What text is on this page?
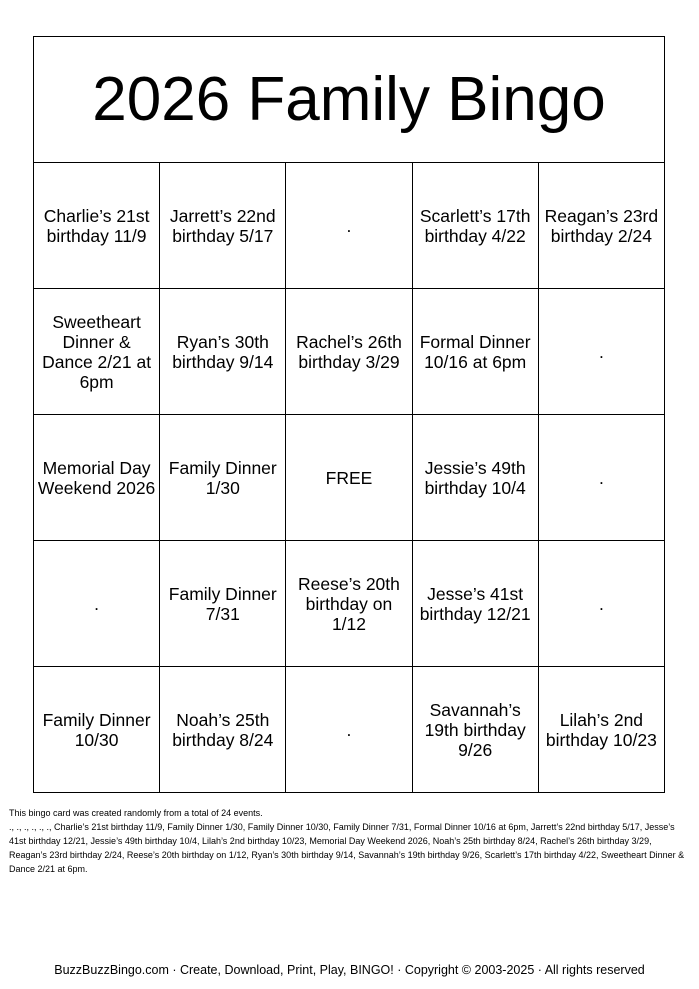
2026 Family Bingo				
Charlie’s 21st birthday 11/9	Jarrett’s 22nd birthday 5/17	.	Scarlett’s 17th birthday 4/22	Reagan’s 23rd birthday 2/24
Sweetheart Dinner & Dance 2/21 at 6pm	Ryan’s 30th birthday 9/14	Rachel’s 26th birthday 3/29	Formal Dinner 10/16 at 6pm	.
Memorial Day Weekend 2026	Family Dinner 1/30	FREE	Jessie’s 49th birthday 10/4	.
.	Family Dinner 7/31	Reese’s 20th birthday on 1/12	Jesse’s 41st birthday 12/21	.
Family Dinner 10/30	Noah’s 25th birthday 8/24	.	Savannah’s 19th birthday 9/26	Lilah’s 2nd birthday 10/23

This bingo card was created randomly from a total of 24 events.

., ., ., ., ., ., Charlie’s 21st birthday 11/9, Family Dinner 1/30, Family Dinner 10/30, Family Dinner 7/31, Formal Dinner 10/16 at 6pm, Jarrett’s 22nd birthday 5/17, Jesse’s 41st birthday 12/21, Jessie’s 49th birthday 10/4, Lilah’s 2nd birthday 10/23, Memorial Day Weekend 2026, Noah’s 25th birthday 8/24, Rachel’s 26th birthday 3/29, Reagan’s 23rd birthday 2/24, Reese’s 20th birthday on 1/12, Ryan’s 30th birthday 9/14, Savannah’s 19th birthday 9/26, Scarlett’s 17th birthday 4/22, Sweetheart Dinner & Dance 2/21 at 6pm.

BuzzBuzzBingo.com · Create, Download, Print, Play, BINGO! · Copyright © 2003-2025 · All rights reserved
